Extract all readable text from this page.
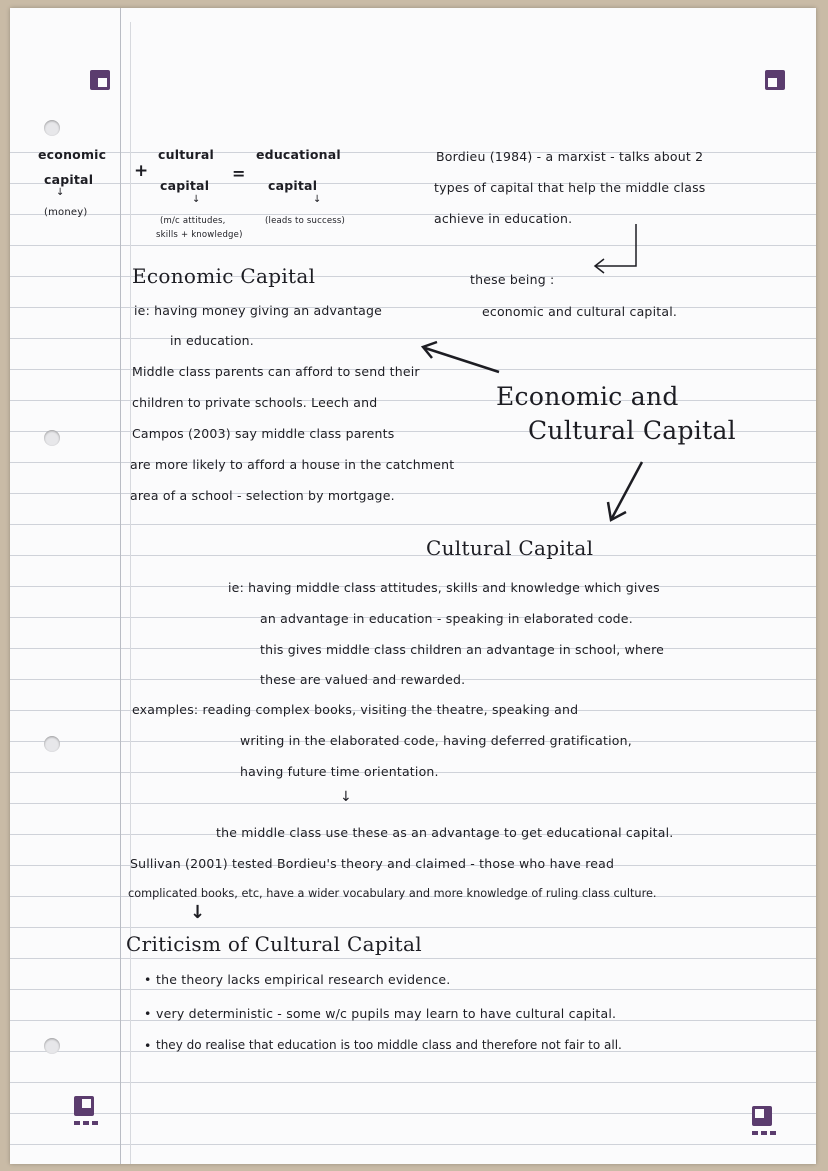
economic
capital
↓
(money)
+
cultural
capital
↓
(m/c attitudes,
skills + knowledge)
=
educational
capital
↓
(leads to success)
Bordieu (1984) - a marxist - talks about 2
types of capital that help the middle class
achieve in education.
these being :
economic and cultural capital.
Economic and
Cultural Capital
Economic Capital
ie: having money giving an advantage
in education.
Middle class parents can afford to send their
children to private schools. Leech and
Campos (2003) say middle class parents
are more likely to afford a house in the catchment
area of a school - selection by mortgage.
Cultural Capital
ie: having middle class attitudes, skills and knowledge which gives
an advantage in education - speaking in elaborated code.
this gives middle class children an advantage in school, where
these are valued and rewarded.
examples: reading complex books, visiting the theatre, speaking and
writing in the elaborated code, having deferred gratification,
having future time orientation.
↓
the middle class use these as an advantage to get educational capital.
Sullivan (2001) tested Bordieu's theory and claimed - those who have read
complicated books, etc, have a wider vocabulary and more knowledge of ruling class culture.
↓
Criticism of Cultural Capital
• the theory lacks empirical research evidence.
• very deterministic - some w/c pupils may learn to have cultural capital.
• they do realise that education is too middle class and therefore not fair to all.
